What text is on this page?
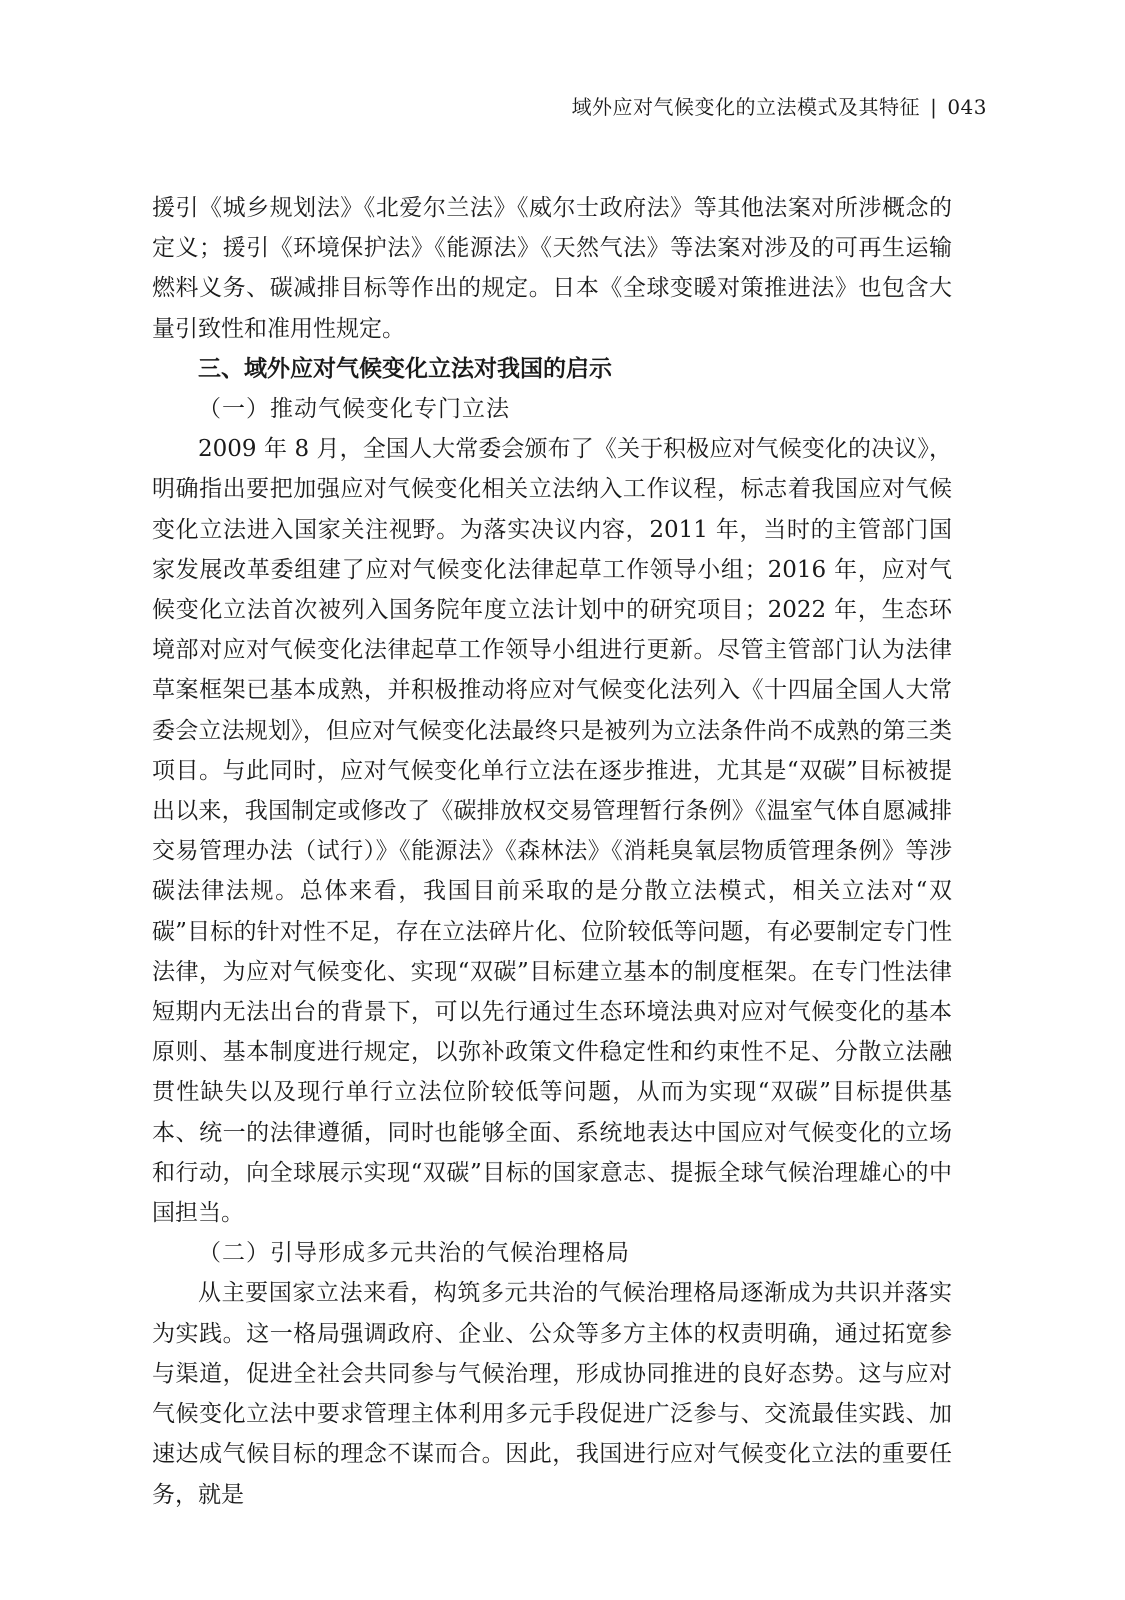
域外应对气候变化的立法模式及其特征 | 043

援引《城乡规划法》《北爱尔兰法》《威尔士政府法》等其他法案对所涉概念的定义；援引《环境保护法》《能源法》《天然气法》等法案对涉及的可再生运输燃料义务、碳减排目标等作出的规定。日本《全球变暖对策推进法》也包含大量引致性和准用性规定。

三、域外应对气候变化立法对我国的启示
（一）推动气候变化专门立法

2009 年 8 月，全国人大常委会颁布了《关于积极应对气候变化的决议》，明确指出要把加强应对气候变化相关立法纳入工作议程，标志着我国应对气候变化立法进入国家关注视野。为落实决议内容，2011 年，当时的主管部门国家发展改革委组建了应对气候变化法律起草工作领导小组；2016 年，应对气候变化立法首次被列入国务院年度立法计划中的研究项目；2022 年，生态环境部对应对气候变化法律起草工作领导小组进行更新。尽管主管部门认为法律草案框架已基本成熟，并积极推动将应对气候变化法列入《十四届全国人大常委会立法规划》，但应对气候变化法最终只是被列为立法条件尚不成熟的第三类项目。与此同时，应对气候变化单行立法在逐步推进，尤其是“双碳”目标被提出以来，我国制定或修改了《碳排放权交易管理暂行条例》《温室气体自愿减排交易管理办法（试行）》《能源法》《森林法》《消耗臭氧层物质管理条例》等涉碳法律法规。总体来看，我国目前采取的是分散立法模式，相关立法对“双碳”目标的针对性不足，存在立法碎片化、位阶较低等问题，有必要制定专门性法律，为应对气候变化、实现“双碳”目标建立基本的制度框架。在专门性法律短期内无法出台的背景下，可以先行通过生态环境法典对应对气候变化的基本原则、基本制度进行规定，以弥补政策文件稳定性和约束性不足、分散立法融贯性缺失以及现行单行立法位阶较低等问题，从而为实现“双碳”目标提供基本、统一的法律遵循，同时也能够全面、系统地表达中国应对气候变化的立场和行动，向全球展示实现“双碳”目标的国家意志、提振全球气候治理雄心的中国担当。

（二）引导形成多元共治的气候治理格局

从主要国家立法来看，构筑多元共治的气候治理格局逐渐成为共识并落实为实践。这一格局强调政府、企业、公众等多方主体的权责明确，通过拓宽参与渠道，促进全社会共同参与气候治理，形成协同推进的良好态势。这与应对气候变化立法中要求管理主体利用多元手段促进广泛参与、交流最佳实践、加速达成气候目标的理念不谋而合。因此，我国进行应对气候变化立法的重要任务，就是
